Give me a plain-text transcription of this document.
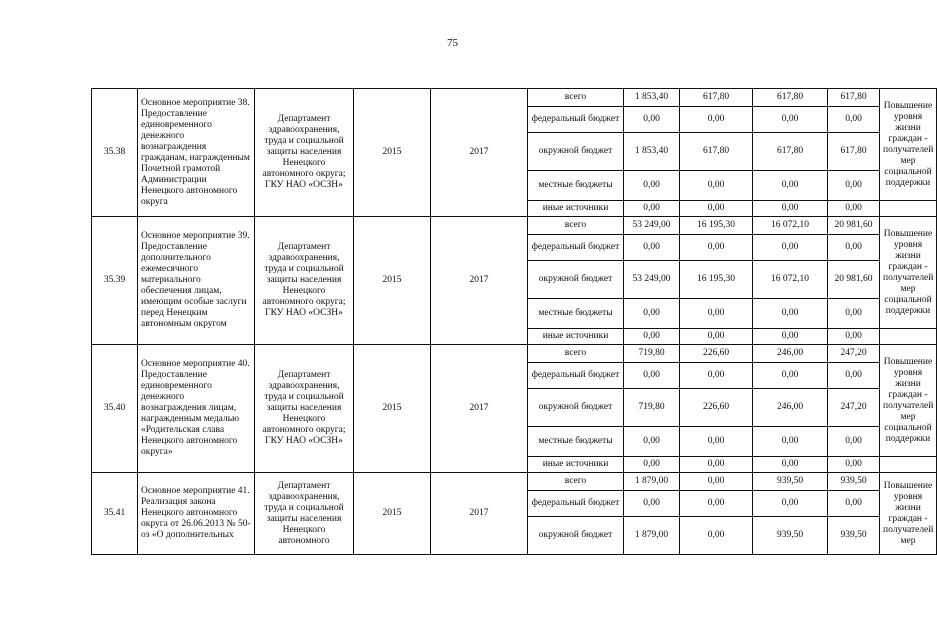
75
35.38	Основное мероприятие 38. Предоставление единовременного денежного вознаграждения гражданам, награжденным Почетной грамотой Администрации Ненецкого автономного округа	Департамент здравоохранения, труда и социальной защиты населения Ненецкого автономного округа; ГКУ НАО «ОСЗН»	2015	2017	всего	1 853,40	617,80	617,80	617,80	Повышение уровня жизни граждан - получателей мер социальной поддержки
					федеральный бюджет	0,00	0,00	0,00	0,00	
					окружной бюджет	1 853,40	617,80	617,80	617,80	
					местные бюджеты	0,00	0,00	0,00	0,00	
					иные источники	0,00	0,00	0,00	0,00	
35.39	Основное мероприятие 39. Предоставление дополнительного ежемесячного материального обеспечения лицам, имеющим особые заслуги перед Ненецким автономным округом	Департамент здравоохранения, труда и социальной защиты населения Ненецкого автономного округа; ГКУ НАО «ОСЗН»	2015	2017	всего	53 249,00	16 195,30	16 072,10	20 981,60	Повышение уровня жизни граждан - получателей мер социальной поддержки
					федеральный бюджет	0,00	0,00	0,00	0,00	
					окружной бюджет	53 249,00	16 195,30	16 072,10	20 981,60	
					местные бюджеты	0,00	0,00	0,00	0,00	
					иные источники	0,00	0,00	0,00	0,00	
35.40	Основное мероприятие 40. Предоставление единовременного денежного вознаграждения лицам, награжденным медалью «Родительская слава Ненецкого автономного округа»	Департамент здравоохранения, труда и социальной защиты населения Ненецкого автономного округа; ГКУ НАО «ОСЗН»	2015	2017	всего	719,80	226,60	246,00	247,20	Повышение уровня жизни граждан - получателей мер социальной поддержки
					федеральный бюджет	0,00	0,00	0,00	0,00	
					окружной бюджет	719,80	226,60	246,00	247,20	
					местные бюджеты	0,00	0,00	0,00	0,00	
					иные источники	0,00	0,00	0,00	0,00	
35.41	Основное мероприятие 41. Реализация закона Ненецкого автономного округа от 26.06.2013 № 50-оз «О дополнительных	Департамент здравоохранения, труда и социальной защиты населения Ненецкого автономного	2015	2017	всего	1 879,00	0,00	939,50	939,50	Повышение уровня жизни граждан - получателей мер
					федеральный бюджет	0,00	0,00	0,00	0,00	
					окружной бюджет	1 879,00	0,00	939,50	939,50	
